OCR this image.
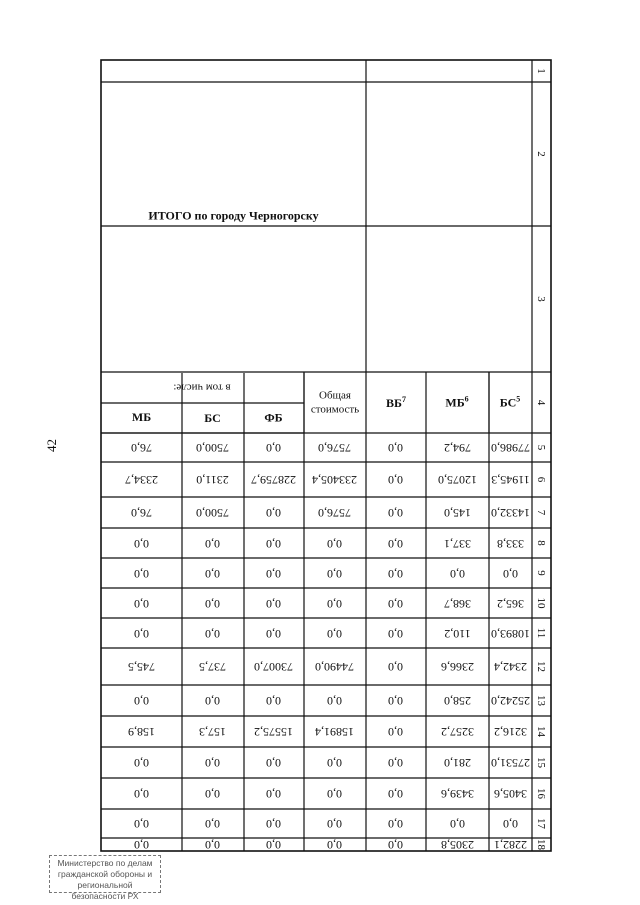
42
1
2
3
4
5
6
7
8
9
10
11
12
13
14
15
16
17
18
$БС^5$
$МБ^6$
$ВБ^7$
ИТОГО по городу Черногорску
Общая стоимость
в том числе:
ФБ
БС
МБ
77986,0
11945,3
14332,0
333,8
0,0
365,2
10893,0
2342,4
25242,0
3216,2
27531,0
3405,6
0,0
2282,1
794,2
12075,0
145,0
337,1
0,0
368,7
110,2
2366,6
258,0
3257,2
281,0
3439,6
0,0
2305,8
0,0
0,0
0,0
0,0
0,0
0,0
0,0
0,0
0,0
0,0
0,0
0,0
0,0
0,0
7576,0
233405,4
7576,0
0,0
0,0
0,0
0,0
74490,0
0,0
15891,4
0,0
0,0
0,0
0,0
0,0
228759,7
0,0
0,0
0,0
0,0
0,0
73007,0
0,0
15575,2
0,0
0,0
0,0
0,0
7500,0
2311,0
7500,0
0,0
0,0
0,0
0,0
737,5
0,0
157,3
0,0
0,0
0,0
0,0
76,0
2334,7
76,0
0,0
0,0
0,0
0,0
745,5
0,0
158,9
0,0
0,0
0,0
0,0
Министерство по делам
гражданской обороны и региональной
безопасности РХ
